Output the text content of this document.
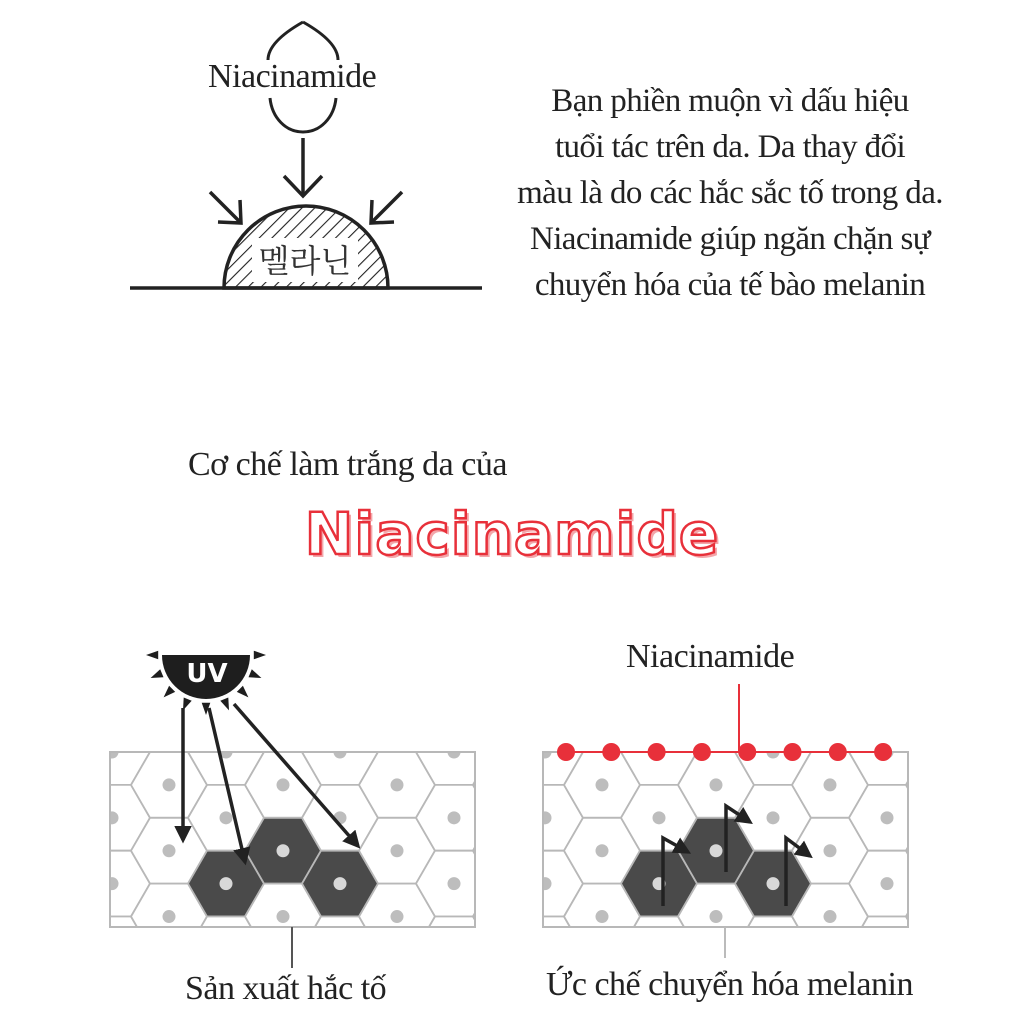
멜라닌
UV
Niacinamide
Bạn phiền muộn vì dấu hiệu
tuổi tác trên da. Da thay đổi
màu là do các hắc sắc tố trong da.
Niacinamide giúp ngăn chặn sự
chuyển hóa của tế bào melanin
Cơ chế làm trắng da của
Niacinamide
Niacinamide
Sản xuất hắc tố	Ức chế chuyển hóa melanin
